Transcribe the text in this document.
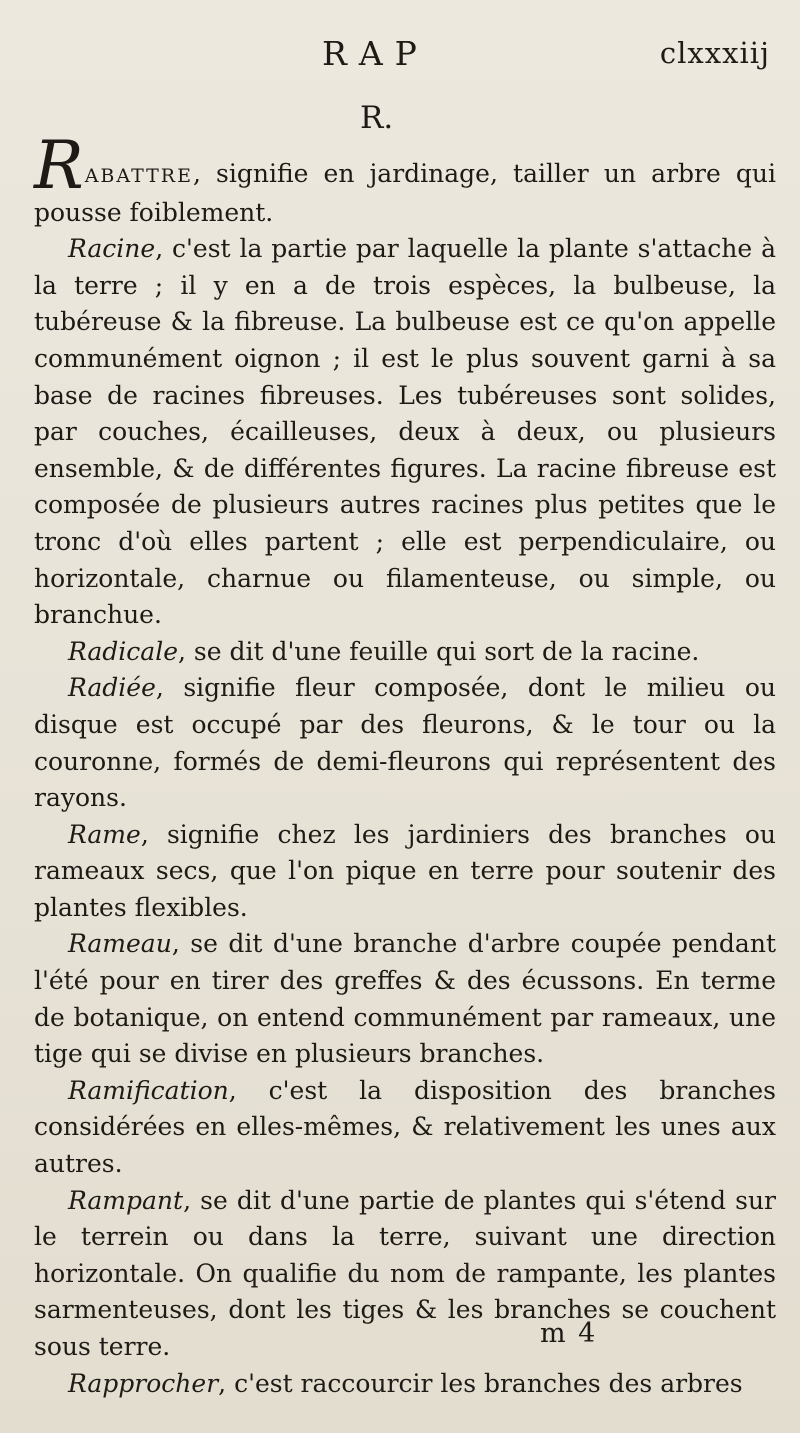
RAP	clxxxiij
R.

RABATTRE, signifie en jardinage, tailler un arbre qui pousse foiblement.

Racine, c'est la partie par laquelle la plante s'attache à la terre ; il y en a de trois espèces, la bulbeuse, la tubéreuse & la fibreuse. La bulbeuse est ce qu'on appelle communément oignon ; il est le plus souvent garni à sa base de racines fibreuses. Les tubéreuses sont solides, par couches, écailleuses, deux à deux, ou plusieurs ensemble, & de différentes figures. La racine fibreuse est composée de plusieurs autres racines plus petites que le tronc d'où elles partent ; elle est perpendiculaire, ou horizontale, charnue ou filamenteuse, ou simple, ou branchue.

Radicale, se dit d'une feuille qui sort de la racine.

Radiée, signifie fleur composée, dont le milieu ou disque est occupé par des fleurons, & le tour ou la couronne, formés de demi-fleurons qui représentent des rayons.

Rame, signifie chez les jardiniers des branches ou rameaux secs, que l'on pique en terre pour soutenir des plantes flexibles.

Rameau, se dit d'une branche d'arbre coupée pendant l'été pour en tirer des greffes & des écussons. En terme de botanique, on entend communément par rameaux, une tige qui se divise en plusieurs branches.

Ramification, c'est la disposition des branches considérées en elles-mêmes, & relativement les unes aux autres.

Rampant, se dit d'une partie de plantes qui s'étend sur le terrein ou dans la terre, suivant une direction horizontale. On qualifie du nom de rampante, les plantes sarmenteuses, dont les tiges & les branches se couchent sous terre.

Rapprocher, c'est raccourcir les branches des arbres

m 4
